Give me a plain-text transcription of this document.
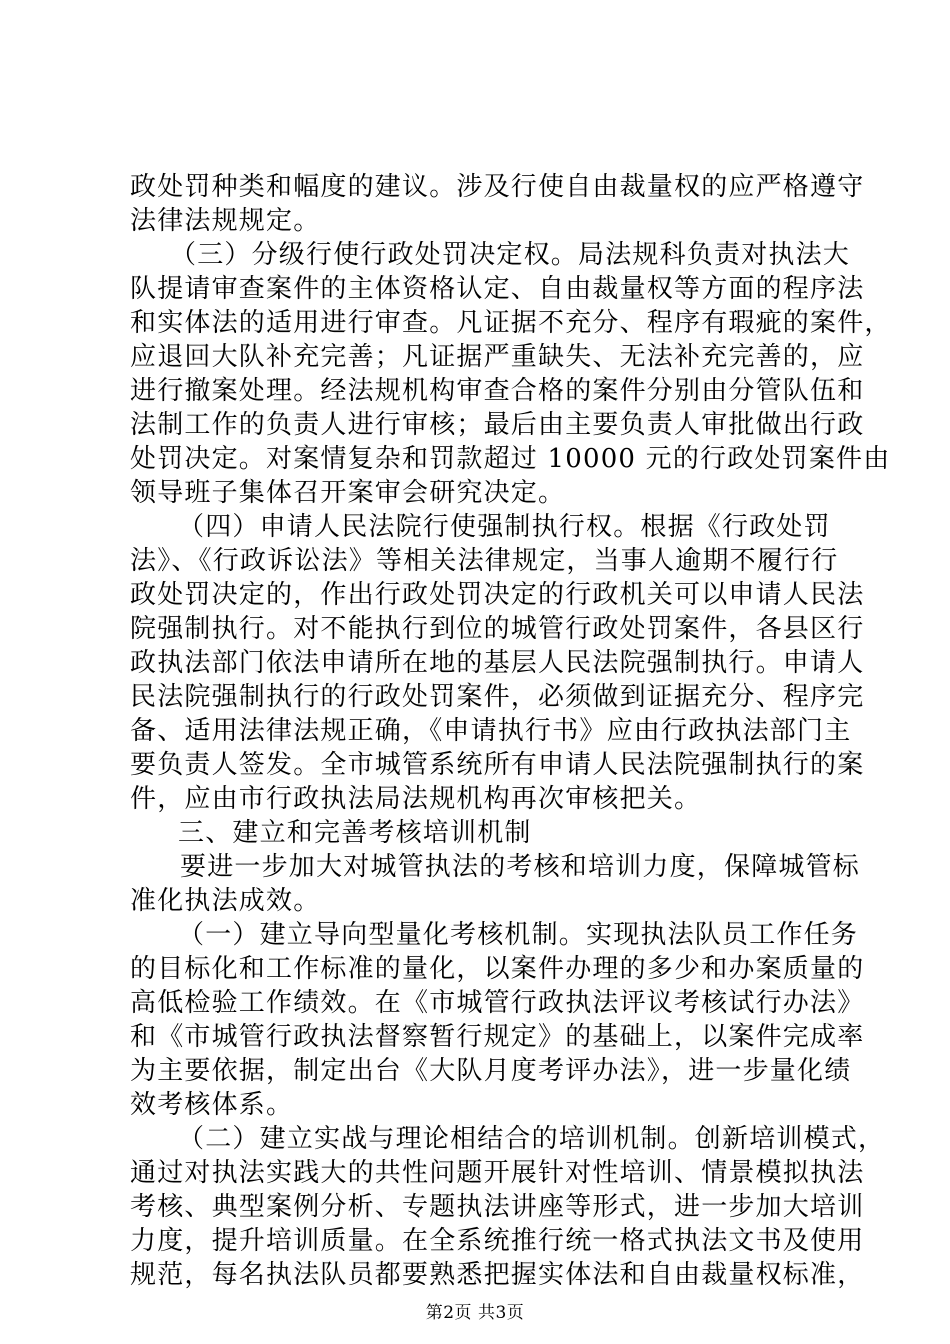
政处罚种类和幅度的建议。涉及行使自由裁量权的应严格遵守
法律法规规定。
（三）分级行使行政处罚决定权。局法规科负责对执法大
队提请审查案件的主体资格认定、自由裁量权等方面的程序法
和实体法的适用进行审查。凡证据不充分、程序有瑕疵的案件，
应退回大队补充完善；凡证据严重缺失、无法补充完善的，应
进行撤案处理。经法规机构审查合格的案件分别由分管队伍和
法制工作的负责人进行审核；最后由主要负责人审批做出行政
处罚决定。对案情复杂和罚款超过 10000 元的行政处罚案件由
领导班子集体召开案审会研究决定。
（四）申请人民法院行使强制执行权。根据《行政处罚
法》、《行政诉讼法》等相关法律规定，当事人逾期不履行行
政处罚决定的，作出行政处罚决定的行政机关可以申请人民法
院强制执行。对不能执行到位的城管行政处罚案件，各县区行
政执法部门依法申请所在地的基层人民法院强制执行。申请人
民法院强制执行的行政处罚案件，必须做到证据充分、程序完
备、适用法律法规正确，《申请执行书》应由行政执法部门主
要负责人签发。全市城管系统所有申请人民法院强制执行的案
件，应由市行政执法局法规机构再次审核把关。
三、建立和完善考核培训机制
要进一步加大对城管执法的考核和培训力度，保障城管标
准化执法成效。
（一）建立导向型量化考核机制。实现执法队员工作任务
的目标化和工作标准的量化，以案件办理的多少和办案质量的
高低检验工作绩效。在《市城管行政执法评议考核试行办法》
和《市城管行政执法督察暂行规定》的基础上，以案件完成率
为主要依据，制定出台《大队月度考评办法》，进一步量化绩
效考核体系。
（二）建立实战与理论相结合的培训机制。创新培训模式，
通过对执法实践大的共性问题开展针对性培训、情景模拟执法
考核、典型案例分析、专题执法讲座等形式，进一步加大培训
力度，提升培训质量。在全系统推行统一格式执法文书及使用
规范，每名执法队员都要熟悉把握实体法和自由裁量权标准，
第2页 共3页
